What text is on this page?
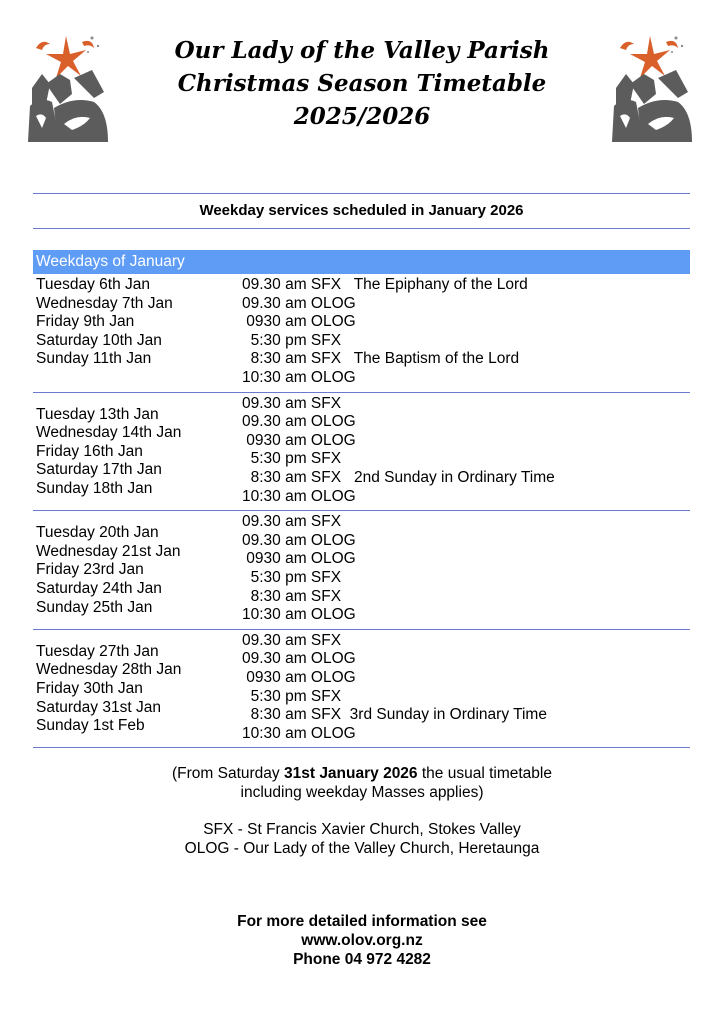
Our Lady of the Valley Parish
Christmas Season Timetable
2025/2026
Weekday services scheduled in January 2026
Weekdays of January
Tuesday 6th Jan
Wednesday 7th Jan
Friday 9th Jan
Saturday 10th Jan
Sunday 11th Jan
09.30 am SFX   The Epiphany of the Lord
09.30 am OLOG
0930 am OLOG
5:30 pm SFX
8:30 am SFX   The Baptism of the Lord
10:30 am OLOG
Tuesday 13th Jan
Wednesday 14th Jan
Friday 16th Jan
Saturday 17th Jan
Sunday 18th Jan
09.30 am SFX
09.30 am OLOG
0930 am OLOG
5:30 pm SFX
8:30 am SFX   2nd Sunday in Ordinary Time
10:30 am OLOG
Tuesday 20th Jan
Wednesday 21st Jan
Friday 23rd Jan
Saturday 24th Jan
Sunday 25th Jan
09.30 am SFX
09.30 am OLOG
0930 am OLOG
5:30 pm SFX
8:30 am SFX
10:30 am OLOG
Tuesday 27th Jan
Wednesday 28th Jan
Friday 30th Jan
Saturday 31st Jan
Sunday 1st Feb
09.30 am SFX
09.30 am OLOG
0930 am OLOG
5:30 pm SFX
8:30 am SFX  3rd Sunday in Ordinary Time
10:30 am OLOG
(From Saturday 31st January 2026 the usual timetable
including weekday Masses applies)
SFX - St Francis Xavier Church, Stokes Valley
OLOG - Our Lady of the Valley Church, Heretaunga
For more detailed information see
www.olov.org.nz
Phone 04 972 4282
